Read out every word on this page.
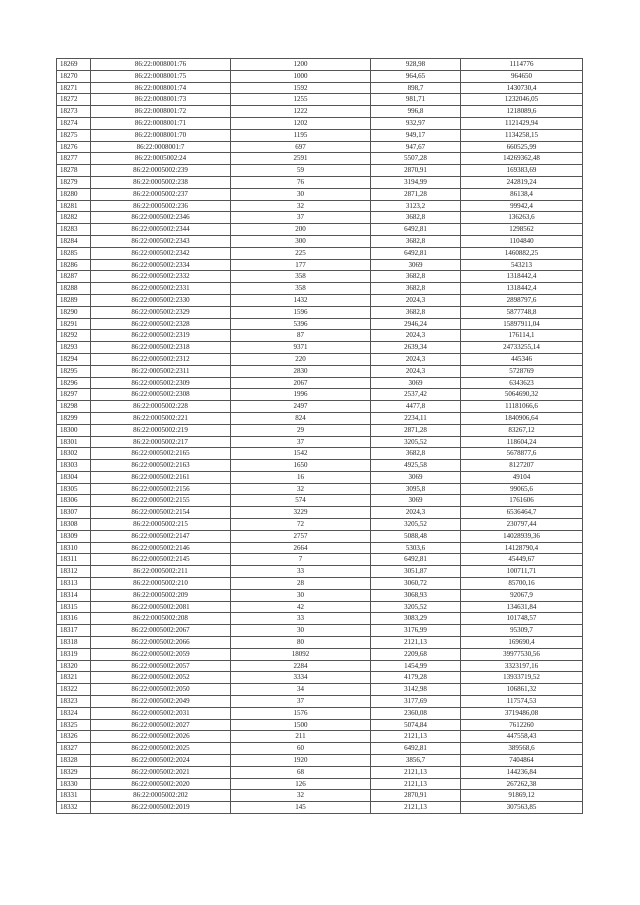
18269	86:22:0008001:76	1200	928,98	1114776
18270	86:22:0008001:75	1000	964,65	964650
18271	86:22:0008001:74	1592	898,7	1430730,4
18272	86:22:0008001:73	1255	981,71	1232046,05
18273	86:22:0008001:72	1222	996,8	1218089,6
18274	86:22:0008001:71	1202	932,97	1121429,94
18275	86:22:0008001:70	1195	949,17	1134258,15
18276	86:22:0008001:7	697	947,67	660525,99
18277	86:22:0005002:24	2591	5507,28	14269362,48
18278	86:22:0005002:239	59	2870,91	169383,69
18279	86:22:0005002:238	76	3194,99	242819,24
18280	86:22:0005002:237	30	2871,28	86138,4
18281	86:22:0005002:236	32	3123,2	99942,4
18282	86:22:0005002:2346	37	3682,8	136263,6
18283	86:22:0005002:2344	200	6492,81	1298562
18284	86:22:0005002:2343	300	3682,8	1104840
18285	86:22:0005002:2342	225	6492,81	1460882,25
18286	86:22:0005002:2334	177	3069	543213
18287	86:22:0005002:2332	358	3682,8	1318442,4
18288	86:22:0005002:2331	358	3682,8	1318442,4
18289	86:22:0005002:2330	1432	2024,3	2898797,6
18290	86:22:0005002:2329	1596	3682,8	5877748,8
18291	86:22:0005002:2328	5396	2946,24	15897911,04
18292	86:22:0005002:2319	87	2024,3	176114,1
18293	86:22:0005002:2318	9371	2639,34	24733255,14
18294	86:22:0005002:2312	220	2024,3	445346
18295	86:22:0005002:2311	2830	2024,3	5728769
18296	86:22:0005002:2309	2067	3069	6343623
18297	86:22:0005002:2308	1996	2537,42	5064690,32
18298	86:22:0005002:228	2497	4477,8	11181066,6
18299	86:22:0005002:221	824	2234,11	1840906,64
18300	86:22:0005002:219	29	2871,28	83267,12
18301	86:22:0005002:217	37	3205,52	118604,24
18302	86:22:0005002:2165	1542	3682,8	5678877,6
18303	86:22:0005002:2163	1650	4925,58	8127207
18304	86:22:0005002:2161	16	3069	49104
18305	86:22:0005002:2156	32	3095,8	99065,6
18306	86:22:0005002:2155	574	3069	1761606
18307	86:22:0005002:2154	3229	2024,3	6536464,7
18308	86:22:0005002:215	72	3205,52	230797,44
18309	86:22:0005002:2147	2757	5088,48	14028939,36
18310	86:22:0005002:2146	2664	5303,6	14128790,4
18311	86:22:0005002:2145	7	6492,81	45449,67
18312	86:22:0005002:211	33	3051,87	100711,71
18313	86:22:0005002:210	28	3060,72	85700,16
18314	86:22:0005002:209	30	3068,93	92067,9
18315	86:22:0005002:2081	42	3205,52	134631,84
18316	86:22:0005002:208	33	3083,29	101748,57
18317	86:22:0005002:2067	30	3176,99	95309,7
18318	86:22:0005002:2066	80	2121,13	169690,4
18319	86:22:0005002:2059	18092	2209,68	39977530,56
18320	86:22:0005002:2057	2284	1454,99	3323197,16
18321	86:22:0005002:2052	3334	4179,28	13933719,52
18322	86:22:0005002:2050	34	3142,98	106861,32
18323	86:22:0005002:2049	37	3177,69	117574,53
18324	86:22:0005002:2031	1576	2360,08	3719486,08
18325	86:22:0005002:2027	1500	5074,84	7612260
18326	86:22:0005002:2026	211	2121,13	447558,43
18327	86:22:0005002:2025	60	6492,81	389568,6
18328	86:22:0005002:2024	1920	3856,7	7404864
18329	86:22:0005002:2021	68	2121,13	144236,84
18330	86:22:0005002:2020	126	2121,13	267262,38
18331	86:22:0005002:202	32	2870,91	91869,12
18332	86:22:0005002:2019	145	2121,13	307563,85
